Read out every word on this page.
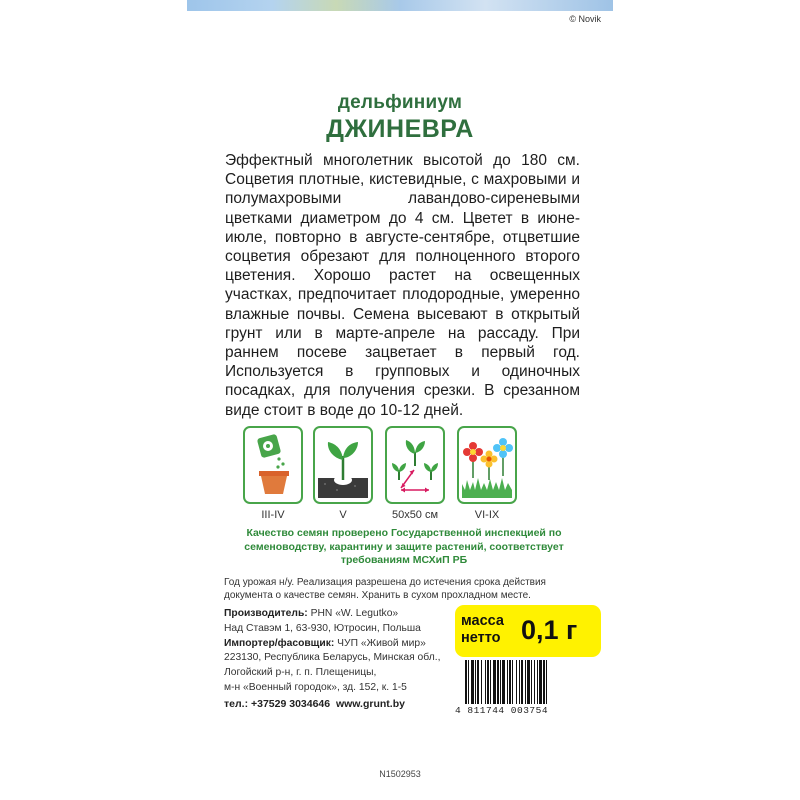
© Novik
дельфиниум
ДЖИНЕВРА

Эффектный многолетник высотой до 180 см. Соцветия плотные, кистевидные, с махровыми и полумахровыми лавандово-сиреневыми цветками диаметром до 4 см. Цветет в июне-июле, повторно в августе-сентябре, отцветшие соцветия обрезают для полноценного второго цветения. Хорошо растет на освещенных участках, предпочитает плодородные, умеренно влажные почвы. Семена высевают в открытый грунт или в марте-апреле на рассаду. При раннем посеве зацветает в первый год. Используется в групповых и одиночных посадках, для получения срезки. В срезанном виде стоит в воде до 10-12 дней.

III-IV	V	50x50 см	VI-IX
Качество семян проверено Государственной инспекцией по семеноводству, карантину и защите растений, соответствует требованиям МСХиП РБ
Год урожая н/у. Реализация разрешена до истечения срока действия документа о качестве семян. Хранить в сухом прохладном месте.
Производитель: PHN «W. Legutko»
Над Ставэм 1, 63-930, Ютросин, Польша
Импортер/фасовщик: ЧУП «Живой мир»
223130, Республика Беларусь, Минская обл.,
Логойский р-н, г. п. Плещеницы,
м-н «Военный городок», зд. 152, к. 1-5
тел.: +37529 3034646  www.grunt.by
масса нетто 0,1 г
4 811744 003754
N1502953
